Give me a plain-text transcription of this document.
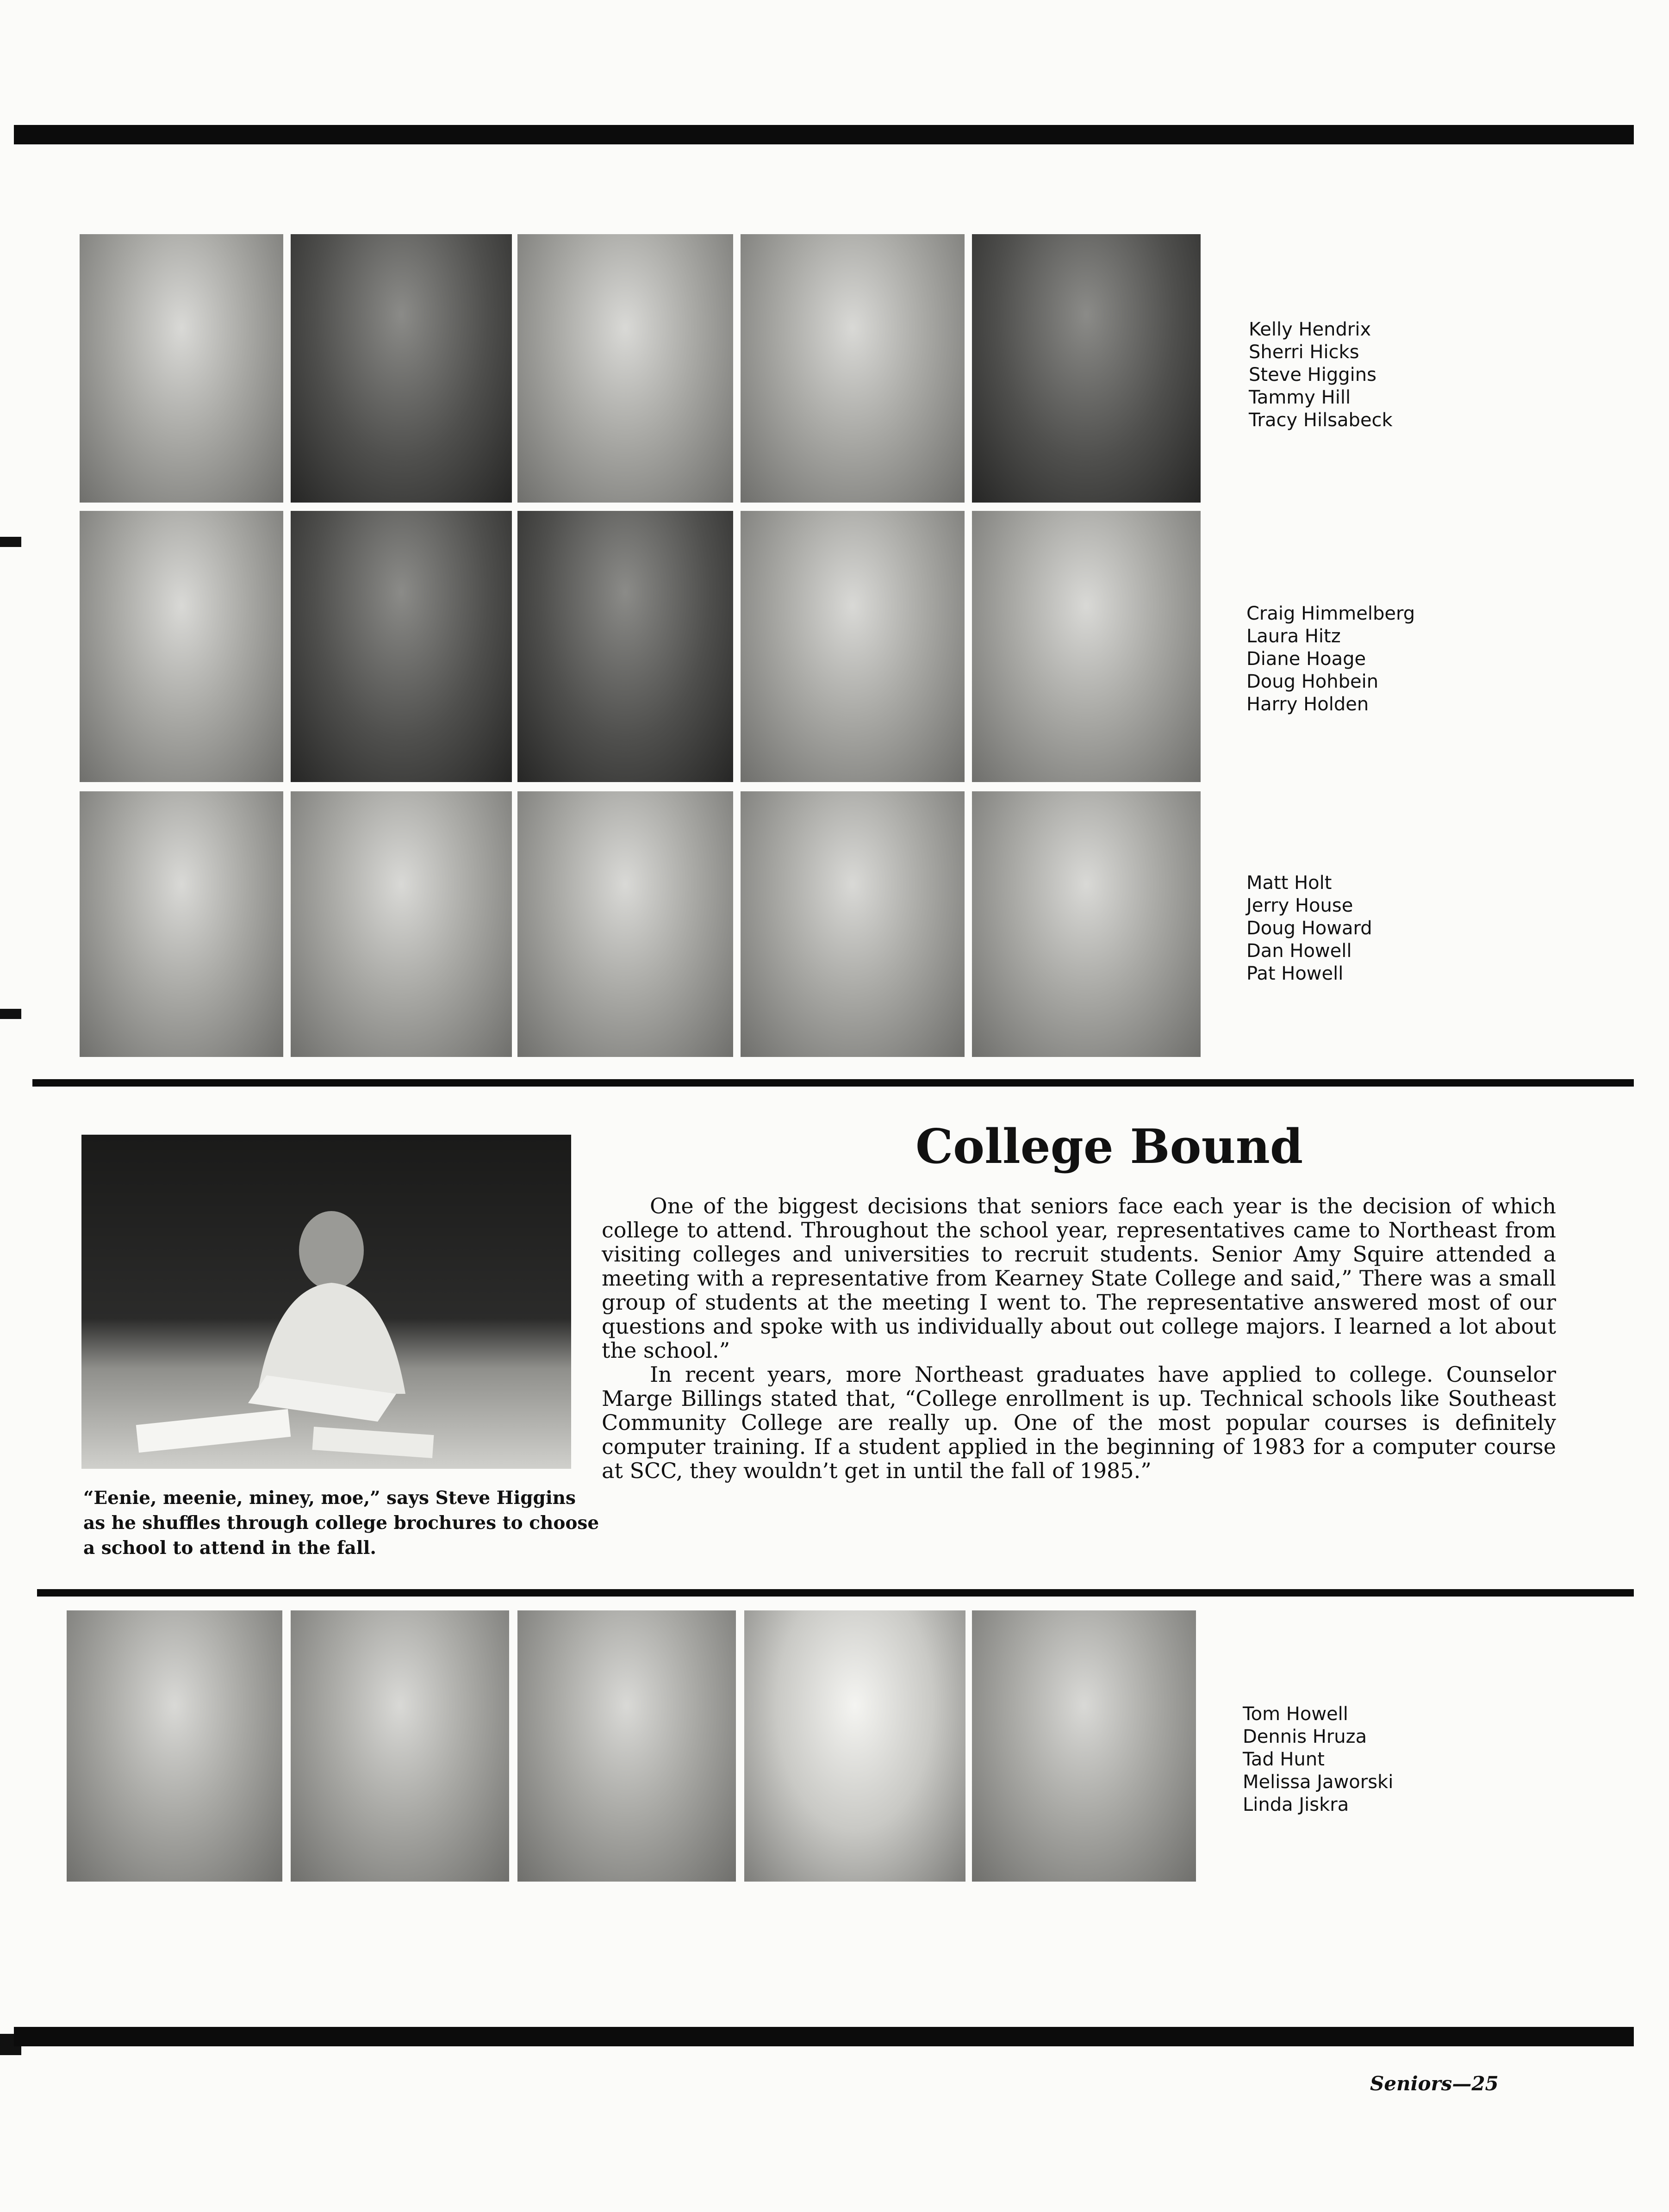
Kelly Hendrix
Sherri Hicks
Steve Higgins
Tammy Hill
Tracy Hilsabeck
Craig Himmelberg
Laura Hitz
Diane Hoage
Doug Hohbein
Harry Holden
Matt Holt
Jerry House
Doug Howard
Dan Howell
Pat Howell
“Eenie, meenie, miney, moe,” says Steve Higgins
as he shuffles through college brochures to choose
a school to attend in the fall.
College Bound

One of the biggest decisions that seniors face each year is the decision of which college to attend. Throughout the school year, representatives came to Northeast from visiting colleges and universities to recruit students. Senior Amy Squire attended a meeting with a representative from Kearney State College and said,” There was a small group of students at the meeting I went to. The representative answered most of our questions and spoke with us individually about out college majors. I learned a lot about the school.”

In recent years, more Northeast graduates have applied to college. Counselor Marge Billings stated that, “College enrollment is up. Technical schools like Southeast Community College are really up. One of the most popular courses is definitely computer training. If a student applied in the beginning of 1983 for a computer course at SCC, they wouldn’t get in until the fall of 1985.”

Tom Howell
Dennis Hruza
Tad Hunt
Melissa Jaworski
Linda Jiskra
Seniors—25
